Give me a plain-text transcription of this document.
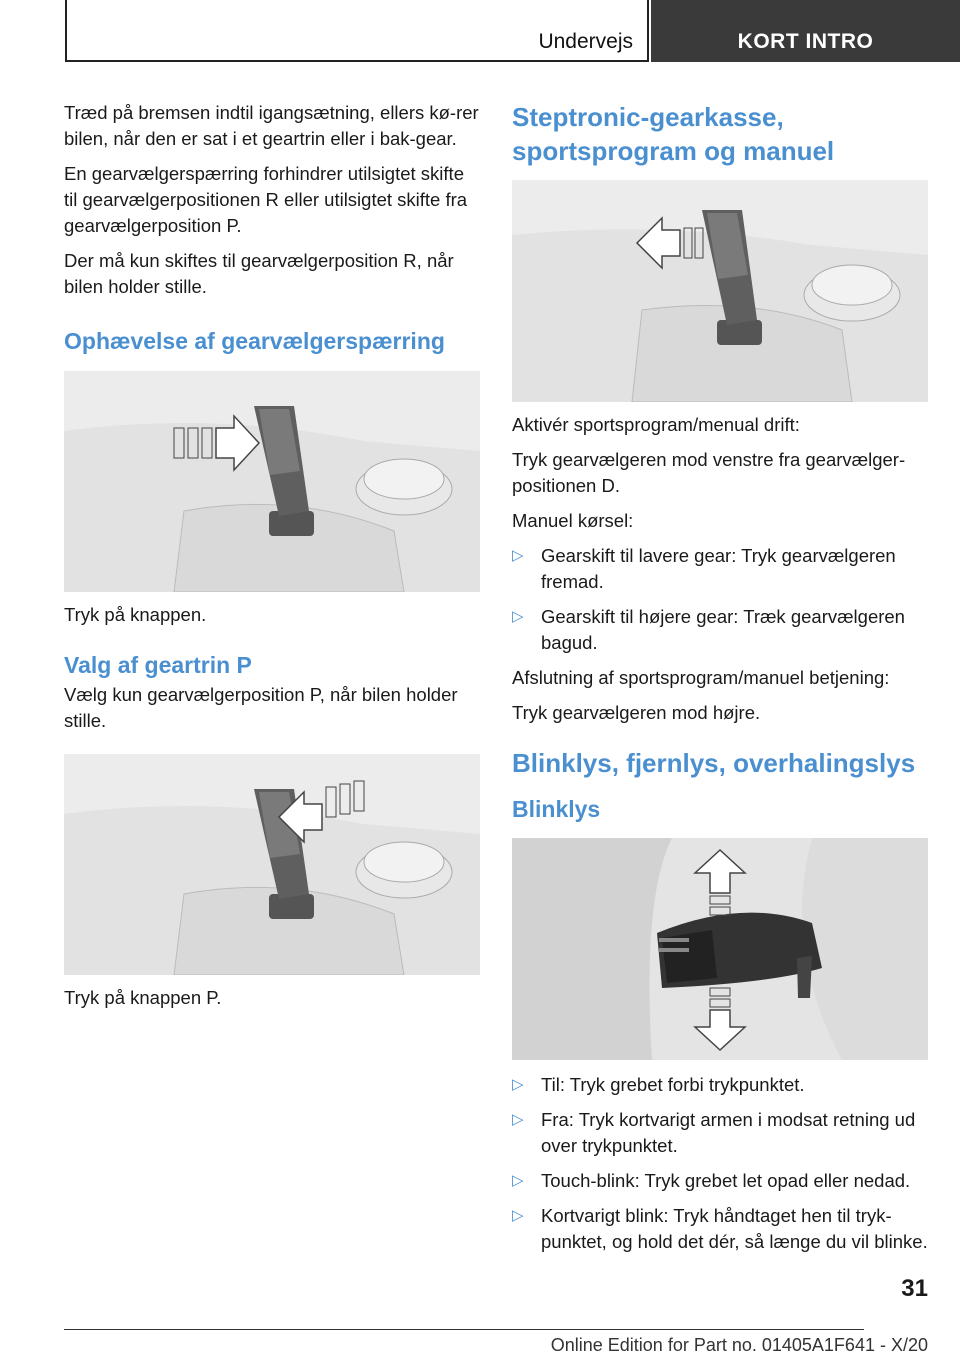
Undervejs	KORT INTRO

Træd på bremsen indtil igangsætning, ellers kø-rer bilen, når den er sat i et geartrin eller i bak-gear.

En gearvælgerspærring forhindrer utilsigtet skifte til gearvælgerpositionen R eller utilsigtet skifte fra gearvælgerposition P.

Der må kun skiftes til gearvælgerposition R, når bilen holder stille.

Ophævelse af gearvælgerspærring

Tryk på knappen.

Valg af geartrin P

Vælg kun gearvælgerposition P, når bilen holder stille.

Tryk på knappen P.

Steptronic-gearkasse, sportsprogram og manuel

Aktivér sportsprogram/menual drift:

Tryk gearvælgeren mod venstre fra gearvælger-positionen D.

Manuel kørsel:

▷ Gearskift til lavere gear: Tryk gearvælgeren fremad.
▷ Gearskift til højere gear: Træk gearvælgeren bagud.

Afslutning af sportsprogram/manuel betjening:

Tryk gearvælgeren mod højre.

Blinklys, fjernlys, overhalingslys
Blinklys
▷ Til: Tryk grebet forbi trykpunktet.
▷ Fra: Tryk kortvarigt armen i modsat retning ud over trykpunktet.
▷ Touch-blink: Tryk grebet let opad eller nedad.
▷ Kortvarigt blink: Tryk håndtaget hen til tryk-punktet, og hold det dér, så længe du vil blinke.
31
Online Edition for Part no. 01405A1F641 - X/20
